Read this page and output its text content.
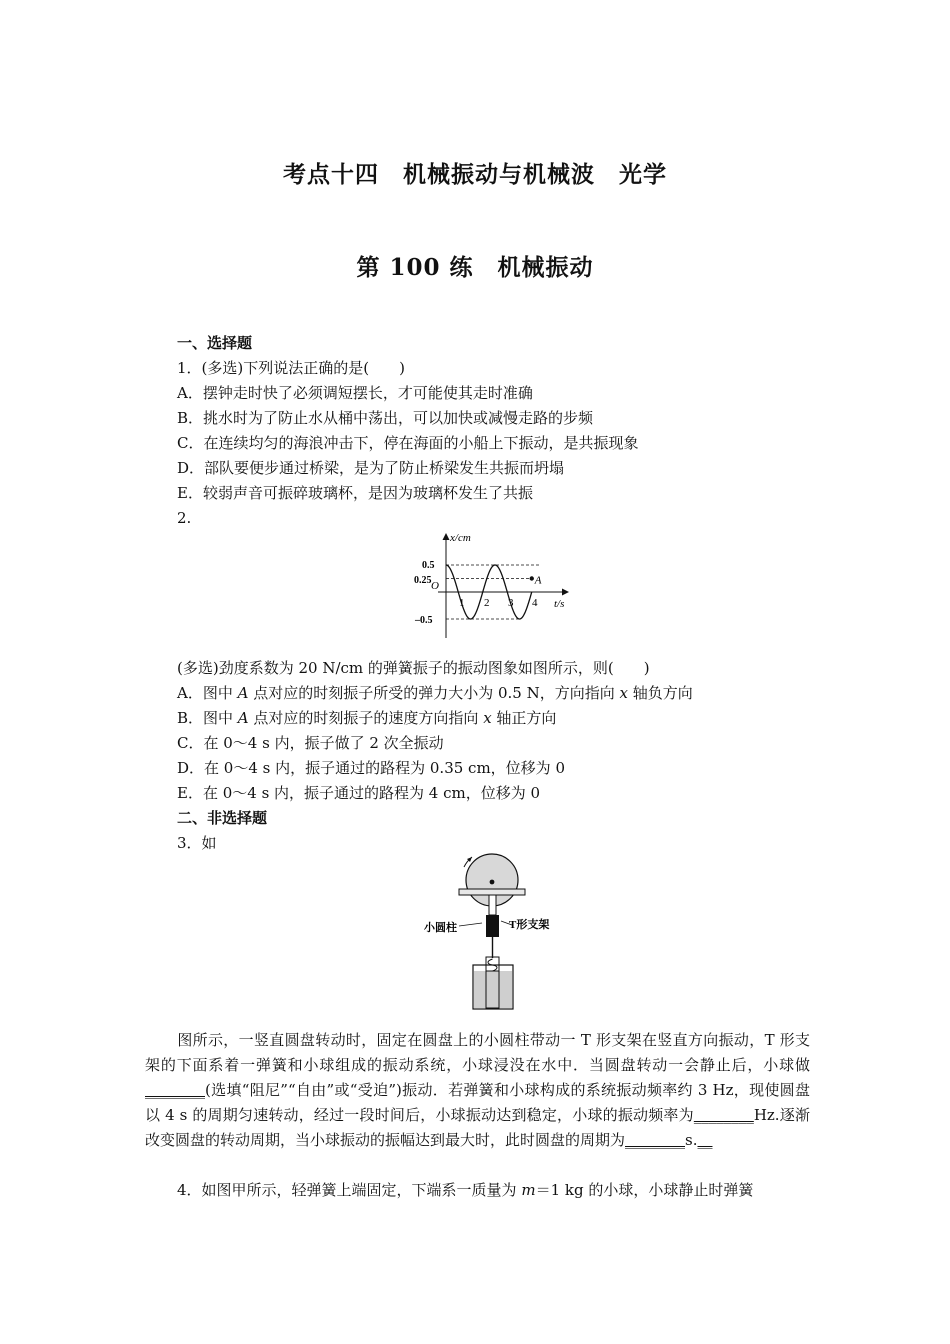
考点十四　机械振动与机械波　光学
第 100 练　机械振动
一、选择题
1．(多选)下列说法正确的是(　　)
A．摆钟走时快了必须调短摆长，才可能使其走时准确
B．挑水时为了防止水从桶中荡出，可以加快或减慢走路的步频
C．在连续均匀的海浪冲击下，停在海面的小船上下振动，是共振现象
D．部队要便步通过桥梁，是为了防止桥梁发生共振而坍塌
E．较弱声音可振碎玻璃杯，是因为玻璃杯发生了共振
2.
x/cm
t/s
O
0.5
0.25
–0.5
1 2 3 4
A
(多选)劲度系数为 20 N/cm 的弹簧振子的振动图象如图所示，则(　　)
A．图中 A 点对应的时刻振子所受的弹力大小为 0.5 N，方向指向 x 轴负方向
B．图中 A 点对应的时刻振子的速度方向指向 x 轴正方向
C．在 0～4 s 内，振子做了 2 次全振动
D．在 0～4 s 内，振子通过的路程为 0.35 cm，位移为 0
E．在 0～4 s 内，振子通过的路程为 4 cm，位移为 0
二、非选择题
3．如
小圆柱	T形支架
图所示，一竖直圆盘转动时，固定在圆盘上的小圆柱带动一 T 形支架在竖直方向振动，T 形支架的下面系着一弹簧和小球组成的振动系统，小球浸没在水中．当圆盘转动一会静止后，小球做________(选填“阻尼”“自由”或“受迫”)振动．若弹簧和小球构成的系统振动频率约 3 Hz，现使圆盘以 4 s 的周期匀速转动，经过一段时间后，小球振动达到稳定，小球的振动频率为________Hz.逐渐改变圆盘的转动周期，当小球振动的振幅达到最大时，此时圆盘的周期为________s.__
4．如图甲所示，轻弹簧上端固定，下端系一质量为 m＝1 kg 的小球，小球静止时弹簧
